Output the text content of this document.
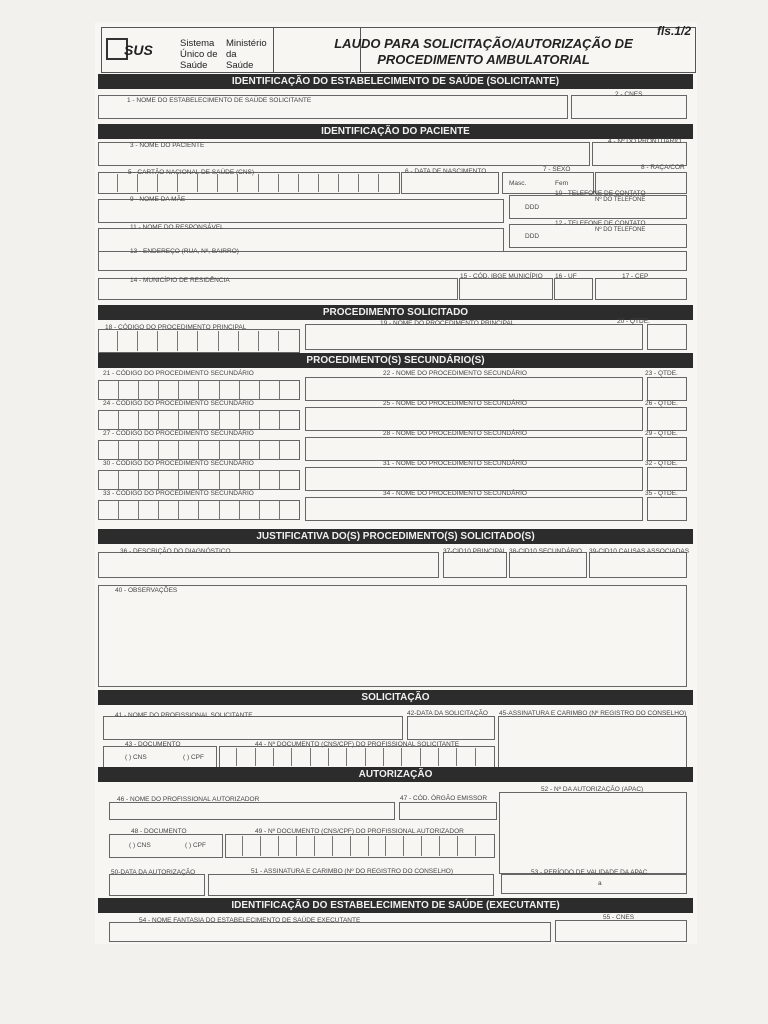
SUS	Sistema
Único de
Saúde
Ministério
da
Saúde
LAUDO PARA SOLICITAÇÃO/AUTORIZAÇÃO DE
PROCEDIMENTO AMBULATORIAL
fls.1/2
IDENTIFICAÇÃO DO ESTABELECIMENTO DE SAÚDE (SOLICITANTE)
1 - NOME DO ESTABELECIMENTO DE SAÚDE SOLICITANTE
2 - CNES
IDENTIFICAÇÃO DO PACIENTE
3 - NOME DO PACIENTE
4 - Nº DO PRONTUÁRIO
5 - CARTÃO NACIONAL DE SAÚDE (CNS)	6 - DATA DE NASCIMENTO	7 - SEXO
Masc.	Fem
8 - RAÇA/COR
9 - NOME DA MÃE
10 - TELEFONE DE CONTATO
DDD
Nº DO TELEFONE
11 - NOME DO RESPONSÁVEL
12 - TELEFONE DE CONTATO
DDD
Nº DO TELEFONE
13 - ENDEREÇO (RUA, Nº, BAIRRO)
14 - MUNICÍPIO DE RESIDÊNCIA
15 - CÓD. IBGE MUNICÍPIO 16 - UF	17 - CEP
PROCEDIMENTO SOLICITADO
18 - CÓDIGO DO PROCEDIMENTO PRINCIPAL
19 - NOME DO PROCEDIMENTO PRINCIPAL	20 - QTDE.
PROCEDIMENTO(S) SECUNDÁRIO(S)
21 - CÓDIGO DO PROCEDIMENTO SECUNDÁRIO	22 - NOME DO PROCEDIMENTO SECUNDÁRIO	23 - QTDE.
24 - CÓDIGO DO PROCEDIMENTO SECUNDÁRIO	25 - NOME DO PROCEDIMENTO SECUNDÁRIO	26 - QTDE.
27 - CÓDIGO DO PROCEDIMENTO SECUNDÁRIO	28 - NOME DO PROCEDIMENTO SECUNDÁRIO	29 - QTDE.
30 - CÓDIGO DO PROCEDIMENTO SECUNDÁRIO	31 - NOME DO PROCEDIMENTO SECUNDÁRIO	32 - QTDE.
33 - CÓDIGO DO PROCEDIMENTO SECUNDÁRIO	34 - NOME DO PROCEDIMENTO SECUNDÁRIO	35 - QTDE.
JUSTIFICATIVA DO(S) PROCEDIMENTO(S) SOLICITADO(S)
36 - DESCRIÇÃO DO DIAGNÓSTICO	37-CID10 PRINCIPAL 38-CID10 SECUNDÁRIO 39-CID10 CAUSAS ASSOCIADAS
40 - OBSERVAÇÕES
SOLICITAÇÃO
41 - NOME DO PROFISSIONAL SOLICITANTE	42-DATA DA SOLICITAÇÃO 45-ASSINATURA E CARIMBO (Nº REGISTRO DO CONSELHO)
43 - DOCUMENTO
( ) CNS	( ) CPF
44 - Nº DOCUMENTO (CNS/CPF) DO PROFISSIONAL SOLICITANTE
AUTORIZAÇÃO
46 - NOME DO PROFISSIONAL AUTORIZADOR	47 - CÓD. ÓRGÃO EMISSOR
52 - Nº DA AUTORIZAÇÃO (APAC)
48 - DOCUMENTO
( ) CNS	( ) CPF
49 - Nº DOCUMENTO (CNS/CPF) DO PROFISSIONAL AUTORIZADOR
50-DATA DA AUTORIZAÇÃO	51 - ASSINATURA E CARIMBO (Nº DO REGISTRO DO CONSELHO)	53 - PERÍODO DE VALIDADE DA APAC
a
IDENTIFICAÇÃO DO ESTABELECIMENTO DE SAÚDE (EXECUTANTE)
54 - NOME FANTASIA DO ESTABELECIMENTO DE SAÚDE EXECUTANTE	55 - CNES
